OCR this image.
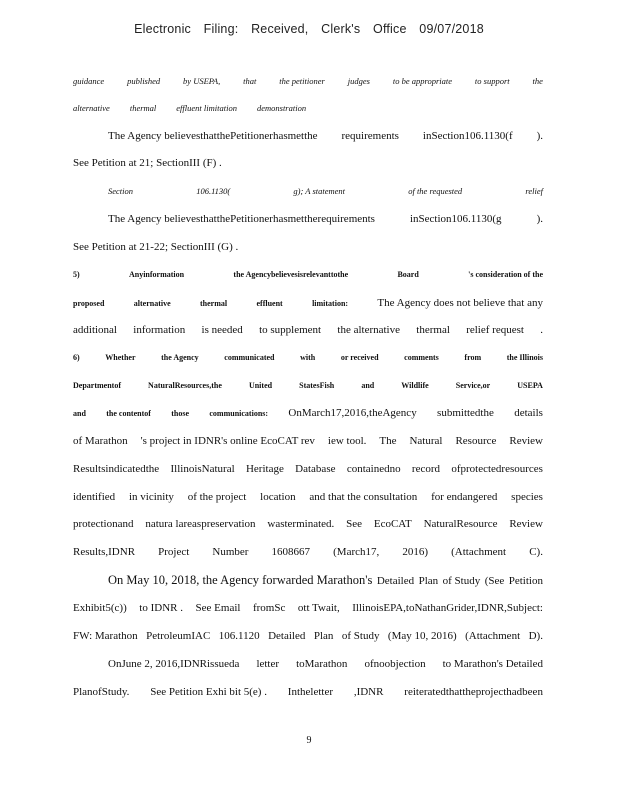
Electronic Filing: Received, Clerk's Office 09/07/2018
guidance	published	by USEPA,	that	the petitioner	judges	to be appropriate	to support	the
alternative thermal effluent limitation demonstration
The Agency believesthatthePetitionerhasmetthe requirements inSection106.1130(f ).
See Petition at 21; SectionIII (F) .
Section	106.1130(	g); A statement	of the requested	relief
The Agency believesthatthePetitionerhasmettherequirements	inSection106.1130(g	).
See Petition at 21-22; SectionIII (G) .
5)	Anyinformation	the Agencybelievesisrelevanttothe	Board	's consideration of the
proposed	alternative	thermal	effluent	limitation:	The Agency does not believe that any
additional information is needed to supplement the alternative thermal relief request .
6)	Whether	the Agency	communicated	with	or received	comments	from	the Illinois
Departmentof	NaturalResources,the	United	StatesFish	and	Wildlife	Service,or	USEPA
and	the contentof	those	communications: OnMarch17,2016,theAgency submittedthe details
of Marathon 's project in IDNR's online EcoCAT rev iew tool. The Natural Resource Review
Resultsindicatedthe IllinoisNatural Heritage Database containedno record ofprotectedresources
identified in vicinity of the project location and that the consultation for endangered species
protectionand natura lareaspreservation wasterminated. See EcoCAT NaturalResource Review
Results,IDNR Project Number 1608667 (March17, 2016) (Attachment C).
On May 10, 2018, the Agency forwarded Marathon's Detailed Plan of Study (See Petition
Exhibit5(c)) to IDNR . See Email fromSc ott Twait, IllinoisEPA,toNathanGrider,IDNR,Subject:
FW: Marathon PetroleumIAC 106.1120 Detailed Plan of Study (May 10, 2016) (Attachment D).
OnJune 2, 2016,IDNRissueda letter toMarathon ofnoobjection to Marathon's Detailed
PlanofStudy. See Petition Exhi bit 5(e) . Intheletter ,IDNR reiteratedthattheprojecthadbeen
9
